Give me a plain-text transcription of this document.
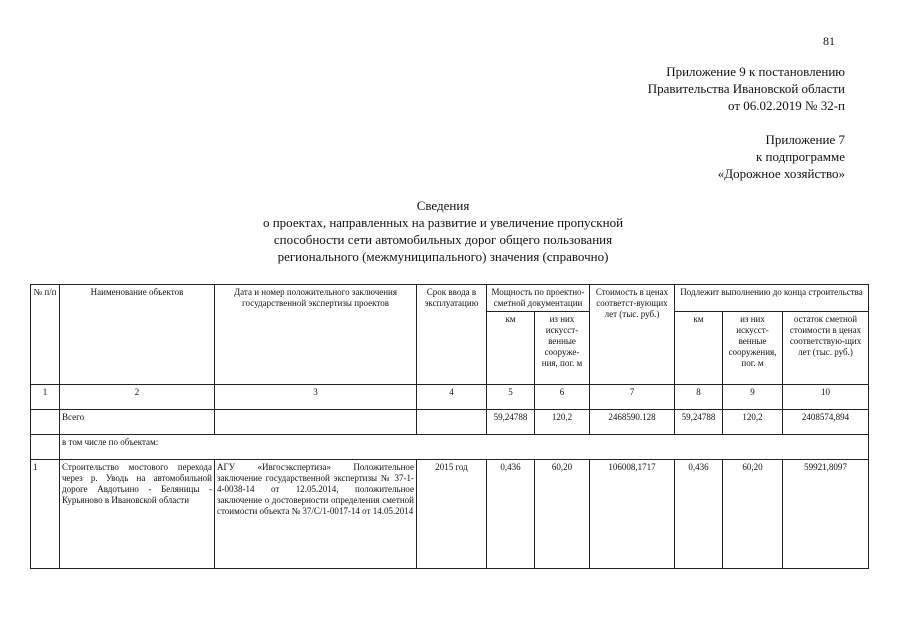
81
Приложение 9 к постановлению
Правительства Ивановской области
от 06.02.2019 № 32-п
Приложение 7
к подпрограмме
«Дорожное хозяйство»
Сведения
о проектах, направленных на развитие и увеличение пропускной
способности сети автомобильных дорог общего пользования
регионального (межмуниципального) значения (справочно)
№ п/п	Наименование объектов	Дата и номер положительного заключения государственной экспертизы проектов	Срок ввода в эксплуатацию	Мощность по проектно-сметной документации		Стоимость в ценах соответст-вующих лет (тыс. руб.)	Подлежит выполнению до конца строительства		
				км	из них искусст-венные сооруже-ния, пог. м		км	из них искусст-венные сооружения, пог. м	остаток сметной стоимости в ценах соответствую-щих лет (тыс. руб.)
1	2	3	4	5	6	7	8	9	10
	Всего			59,24788	120,2	2468590.128	59,24788	120,2	2408574,894
	в том числе по объектам:								
1	Строительство мостового перехода через р. Уводь на автомобильной дороге Авдотьино - Беляницы - Курьяново в Ивановской области	АГУ «Ивгосэкспертиза» Положительное заключение государственной экспертизы № 37-1-4-0038-14 от 12.05.2014, положительное заключение о достоверности определения сметной стоимости объекта № 37/С/1-0017-14 от 14.05.2014	2015 год	0,436	60,20	106008,1717	0,436	60,20	59921,8097
